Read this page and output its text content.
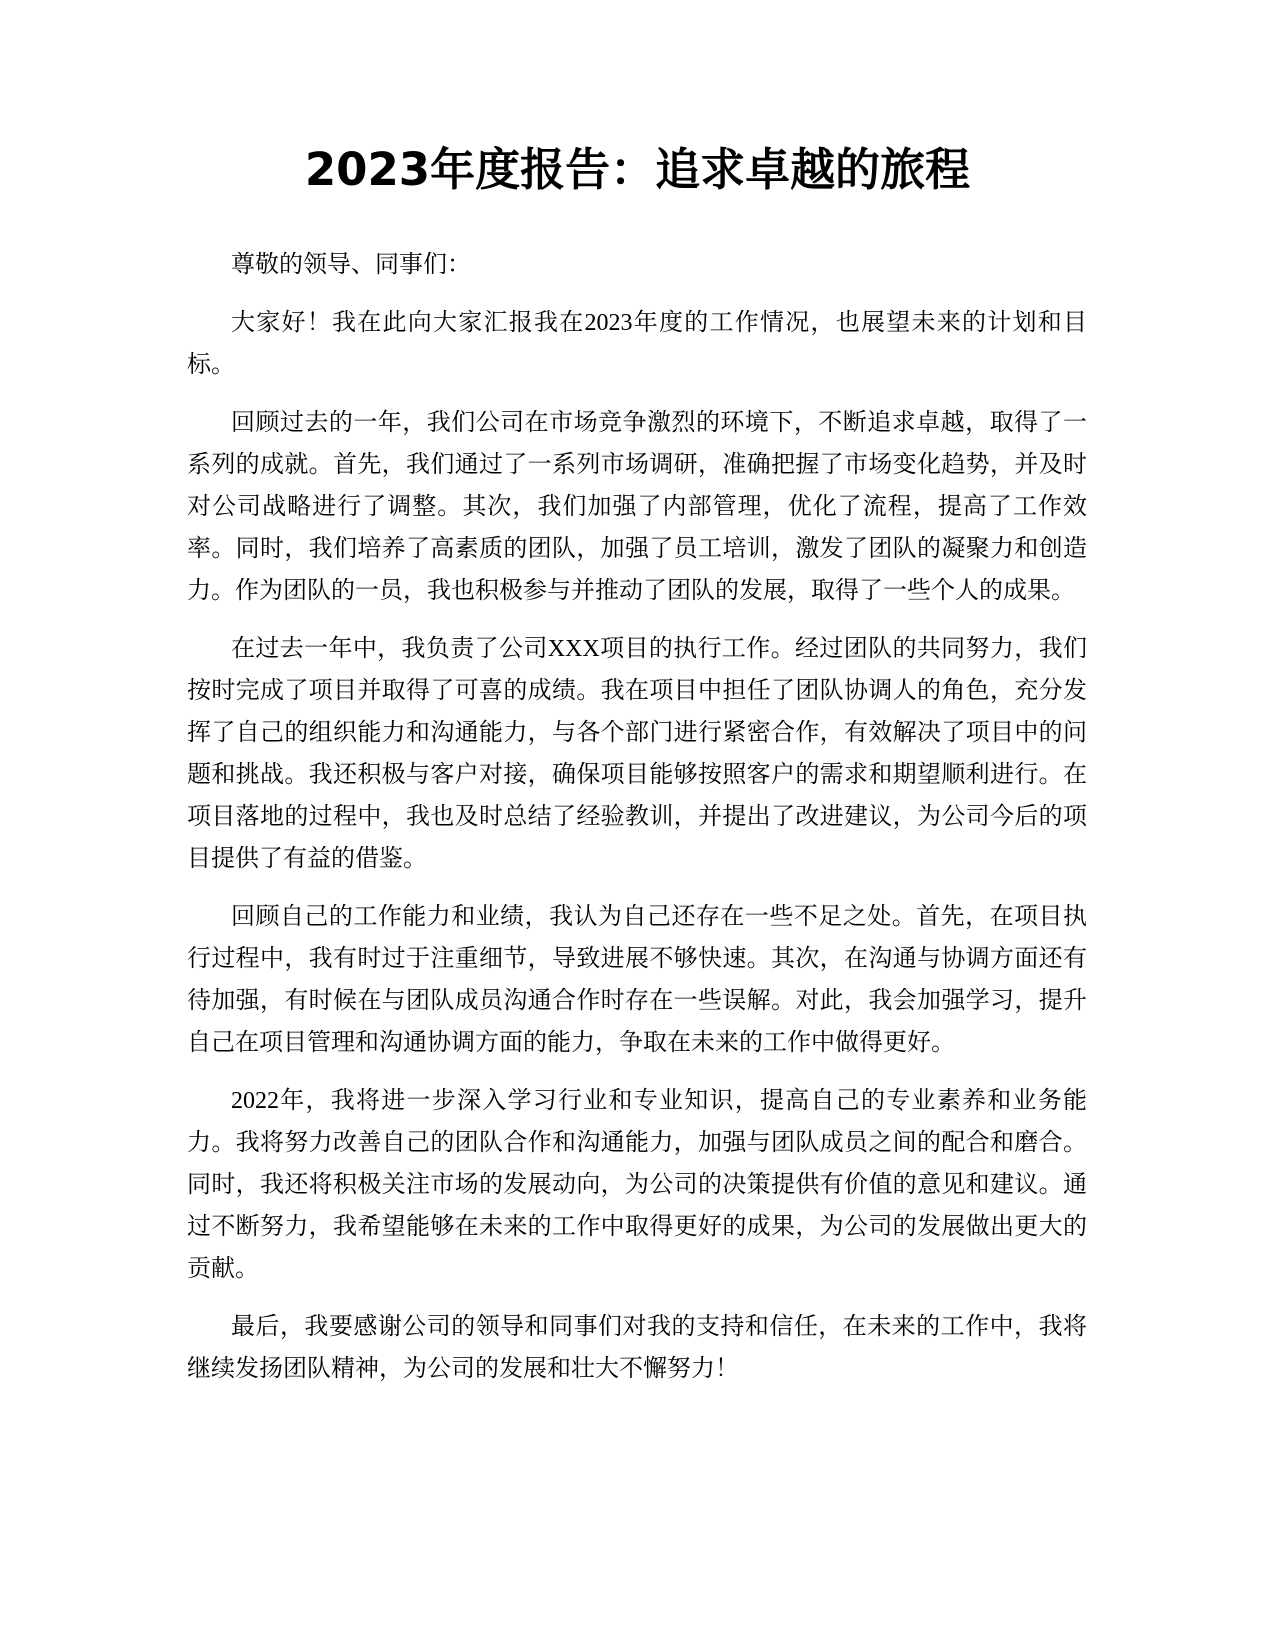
2023年度报告：追求卓越的旅程

尊敬的领导、同事们：

大家好！我在此向大家汇报我在2023年度的工作情况，也展望未来的计划和目标。

回顾过去的一年，我们公司在市场竞争激烈的环境下，不断追求卓越，取得了一系列的成就。首先，我们通过了一系列市场调研，准确把握了市场变化趋势，并及时对公司战略进行了调整。其次，我们加强了内部管理，优化了流程，提高了工作效率。同时，我们培养了高素质的团队，加强了员工培训，激发了团队的凝聚力和创造力。作为团队的一员，我也积极参与并推动了团队的发展，取得了一些个人的成果。

在过去一年中，我负责了公司XXX项目的执行工作。经过团队的共同努力，我们按时完成了项目并取得了可喜的成绩。我在项目中担任了团队协调人的角色，充分发挥了自己的组织能力和沟通能力，与各个部门进行紧密合作，有效解决了项目中的问题和挑战。我还积极与客户对接，确保项目能够按照客户的需求和期望顺利进行。在项目落地的过程中，我也及时总结了经验教训，并提出了改进建议，为公司今后的项目提供了有益的借鉴。

回顾自己的工作能力和业绩，我认为自己还存在一些不足之处。首先，在项目执行过程中，我有时过于注重细节，导致进展不够快速。其次，在沟通与协调方面还有待加强，有时候在与团队成员沟通合作时存在一些误解。对此，我会加强学习，提升自己在项目管理和沟通协调方面的能力，争取在未来的工作中做得更好。

2022年，我将进一步深入学习行业和专业知识，提高自己的专业素养和业务能力。我将努力改善自己的团队合作和沟通能力，加强与团队成员之间的配合和磨合。同时，我还将积极关注市场的发展动向，为公司的决策提供有价值的意见和建议。通过不断努力，我希望能够在未来的工作中取得更好的成果，为公司的发展做出更大的贡献。

最后，我要感谢公司的领导和同事们对我的支持和信任，在未来的工作中，我将继续发扬团队精神，为公司的发展和壮大不懈努力！
